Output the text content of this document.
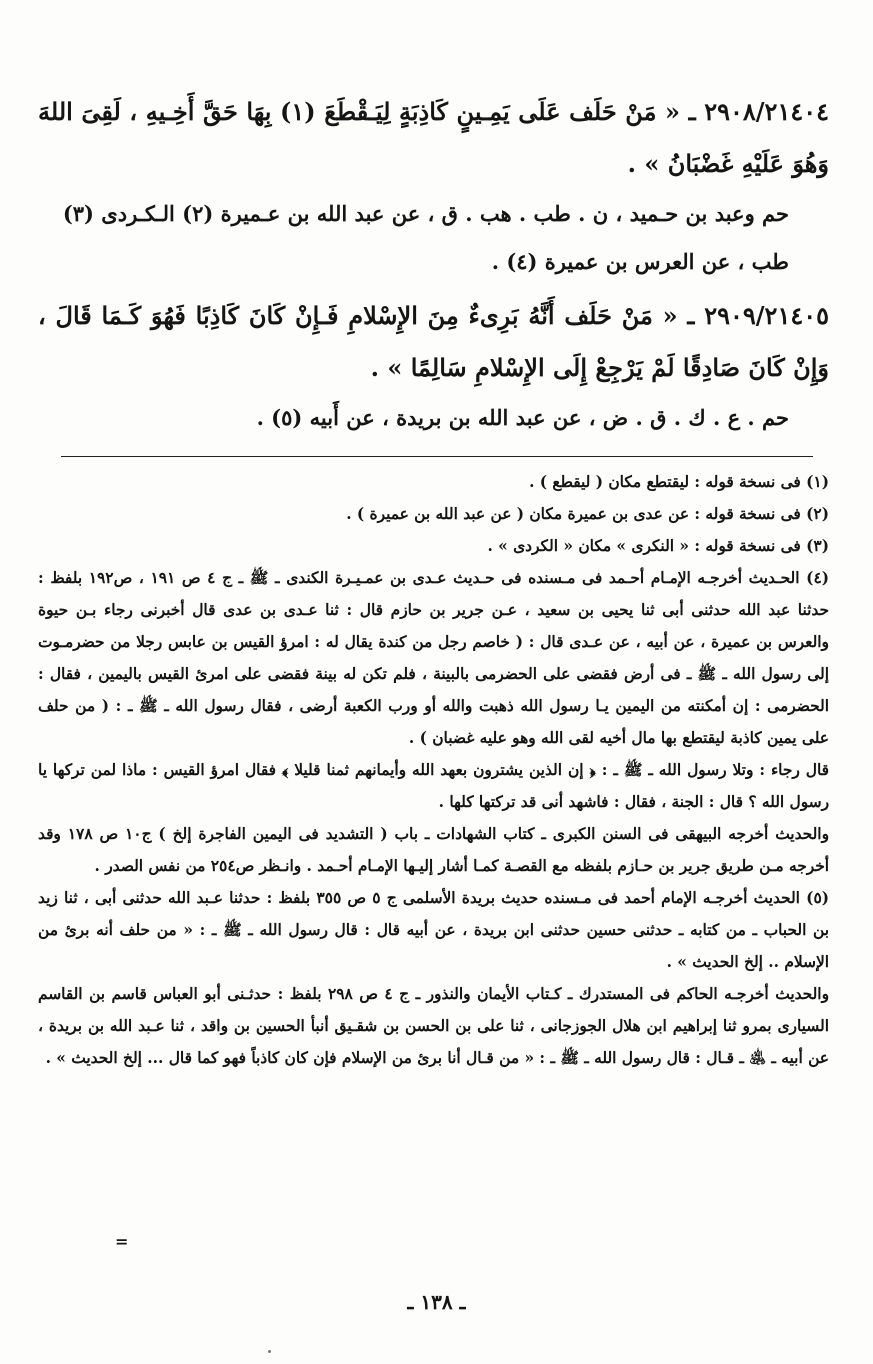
٢٩٠٨/٢١٤٠٤ ـ « مَنْ حَلَف عَلَى يَمِـينٍ كَاذِبَةٍ لِيَـقْطَعَ (١) بِهَا حَقَّ أَخِـيهِ ، لَقِىَ اللهَ وَهُوَ عَلَيْهِ غَضْبَانُ » .

حم وعبد بن حـميد ، ن . طب . هب . ق ، عن عبد الله بن عـميرة (٢) الـكـردى (٣)

طب ، عن العرس بن عميرة (٤) .

٢٩٠٩/٢١٤٠٥ ـ « مَنْ حَلَف أَنَّهُ بَرِىءٌ مِنَ الإِسْلامِ فَـإِنْ كَانَ كَاذِبًا فَهُوَ كَـمَا قَالَ ، وَإِنْ كَانَ صَادِقًا لَمْ يَرْجِعْ إِلَى الإِسْلامِ سَالِمًا » .

حم . ع . ك . ق . ض ، عن عبد الله بن بريدة ، عن أَبيه (٥) .

(١) فى نسخة قوله : ليقتطع مكان ( ليقطع ) .

(٢) فى نسخة قوله : عن عدى بن عميرة مكان ( عن عبد الله بن عميرة ) .

(٣) فى نسخة قوله : « النكرى » مكان « الكردى » .

(٤) الحـديث أخرجـه الإمـام أحـمد فى مـسنده فى حـديث عـدى بن عمـيـرة الكندى ـ ﷺ ـ ج ٤ ص ١٩١ ، ص١٩٢ بلفظ : حدثنا عبد الله حدثنى أبى ثنا يحيى بن سعيد ، عـن جرير بن حازم قال : ثنا عـدى بن عدى قال أخبرنى رجاء بـن حيوة والعرس بن عميرة ، عن أبيه ، عن عـدى قال : ( خاصم رجل من كندة يقال له : امرؤ القيس بن عابس رجلا من حضرمـوت إلى رسول الله ـ ﷺ ـ فى أرض فقضى على الحضرمى بالبينة ، فلم تكن له بينة فقضى على امرئ القيس باليمين ، فقال : الحضرمى : إن أمكنته من اليمين يـا رسول الله ذهبت والله أو ورب الكعبة أرضى ، فقال رسول الله ـ ﷺ ـ : ( من حلف على يمين كاذبة ليقتطع بها مال أخيه لقى الله وهو عليه غضبان ) .

قال رجاء : وتلا رسول الله ـ ﷺ ـ : ﴿ إن الذين يشترون بعهد الله وأيمانهم ثمنا قليلا ﴾ فقال امرؤ القيس : ماذا لمن تركها يا رسول الله ؟ قال : الجنة ، فقال : فاشهد أنى قد تركتها كلها .

والحديث أخرجه البيهقى فى السنن الكبرى ـ كتاب الشهادات ـ باب ( التشديد فى اليمين الفاجرة إلخ ) ج١٠ ص ١٧٨ وقد أخرجه مـن طريق جرير بن حـازم بلفظه مع القصـة كمـا أشار إليـها الإمـام أحـمد . وانـظر ص٢٥٤ من نفس الصدر .

(٥) الحديث أخرجـه الإمام أحمد فى مـسنده حديث بريدة الأسلمى ج ٥ ص ٣٥٥ بلفظ : حدثنا عـبد الله حدثنى أبى ، ثنا زيد بن الحباب ـ من كتابه ـ حدثنى حسين حدثنى ابن بريدة ، عن أبيه قال : قال رسول الله ـ ﷺ ـ : « من حلف أنه برئ من الإسلام .. إلخ الحديث » .

والحديث أخرجـه الحاكم فى المستدرك ـ كـتاب الأيمان والنذور ـ ج ٤ ص ٢٩٨ بلفظ : حدثـنى أبو العباس قاسم بن القاسم السيارى بمرو ثنا إبراهيم ابن هلال الجوزجانى ، ثنا على بن الحسن بن شقـيق أنبأ الحسين بن واقد ، ثنا عـبد الله بن بريدة ، عن أبيه ـ ﵁ ـ قـال : قال رسول الله ـ ﷺ ـ : « من قـال أنا برئ من الإسلام فإن كان كاذباً فهو كما قال ... إلخ الحديث » .

=
ـ ١٣٨ ـ
